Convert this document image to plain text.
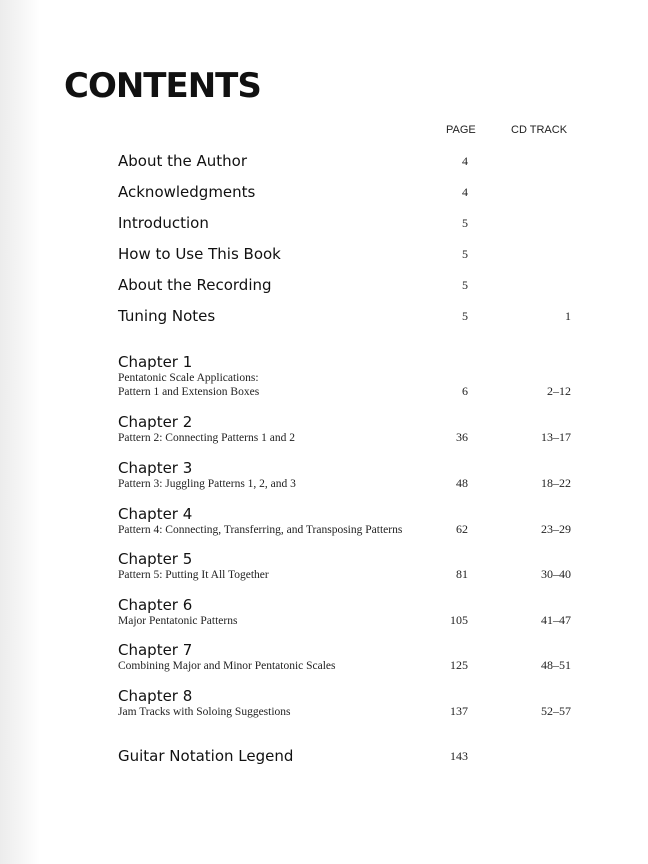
CONTENTS
PAGE	CD TRACK
About the Author	4
Acknowledgments	4
Introduction	5
How to Use This Book	5
About the Recording	5
Tuning Notes	5	1
Chapter 1
Pentatonic Scale Applications:
Pattern 1 and Extension Boxes	6	2–12
Chapter 2
Pattern 2: Connecting Patterns 1 and 2	36	13–17
Chapter 3
Pattern 3: Juggling Patterns 1, 2, and 3	48	18–22
Chapter 4
Pattern 4: Connecting, Transferring, and Transposing Patterns	62	23–29
Chapter 5
Pattern 5: Putting It All Together	81	30–40
Chapter 6
Major Pentatonic Patterns	105	41–47
Chapter 7
Combining Major and Minor Pentatonic Scales	125	48–51
Chapter 8
Jam Tracks with Soloing Suggestions	137	52–57
Guitar Notation Legend	143
